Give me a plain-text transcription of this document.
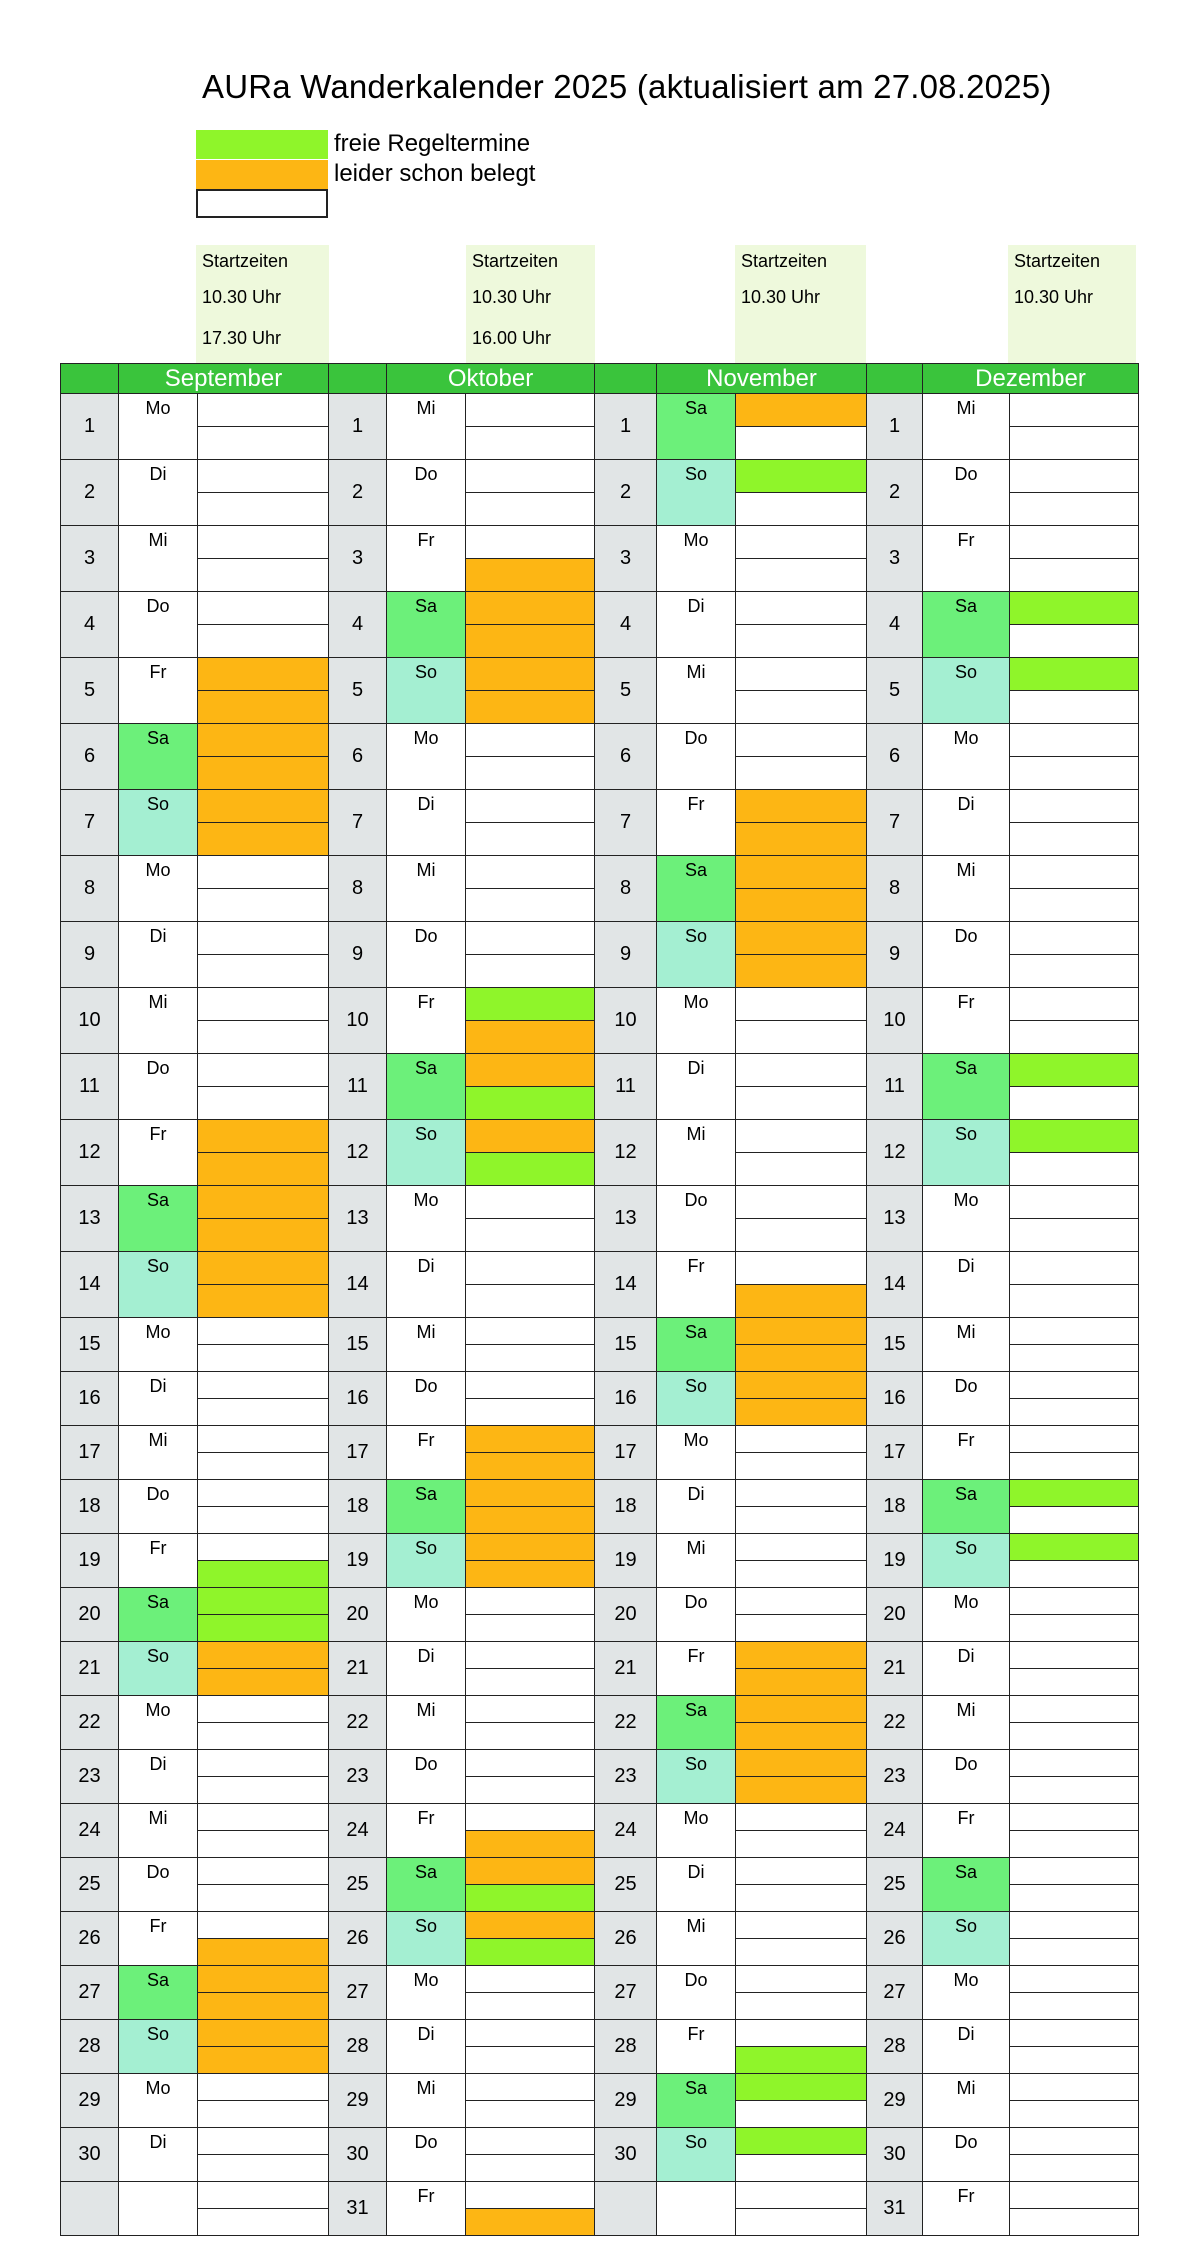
AURa Wanderkalender 2025 (aktualisiert am 27.08.2025)
freie Regeltermine
leider schon belegt
Startzeiten
10.30 Uhr
17.30 Uhr
Startzeiten
10.30 Uhr
16.00 Uhr
Startzeiten
10.30 Uhr
Startzeiten
10.30 Uhr
	September			Oktober			November			Dezember	
1	Mo		1	Mi		1	Sa		1	Mi	

2	Di		2	Do		2	So		2	Do	

3	Mi		3	Fr		3	Mo		3	Fr	

4	Do		4	Sa		4	Di		4	Sa	

5	Fr		5	So		5	Mi		5	So	

6	Sa		6	Mo		6	Do		6	Mo	

7	So		7	Di		7	Fr		7	Di	

8	Mo		8	Mi		8	Sa		8	Mi	

9	Di		9	Do		9	So		9	Do	

10	Mi		10	Fr		10	Mo		10	Fr	

11	Do		11	Sa		11	Di		11	Sa	

12	Fr		12	So		12	Mi		12	So	

13	Sa		13	Mo		13	Do		13	Mo	

14	So		14	Di		14	Fr		14	Di	

15	Mo		15	Mi		15	Sa		15	Mi	

16	Di		16	Do		16	So		16	Do	

17	Mi		17	Fr		17	Mo		17	Fr	

18	Do		18	Sa		18	Di		18	Sa	

19	Fr		19	So		19	Mi		19	So	

20	Sa		20	Mo		20	Do		20	Mo	

21	So		21	Di		21	Fr		21	Di	

22	Mo		22	Mi		22	Sa		22	Mi	

23	Di		23	Do		23	So		23	Do	

24	Mi		24	Fr		24	Mo		24	Fr	

25	Do		25	Sa		25	Di		25	Sa	

26	Fr		26	So		26	Mi		26	So	

27	Sa		27	Mo		27	Do		27	Mo	

28	So		28	Di		28	Fr		28	Di	

29	Mo		29	Mi		29	Sa		29	Mi	

30	Di		30	Do		30	So		30	Do	

			31	Fr					31	Fr	
